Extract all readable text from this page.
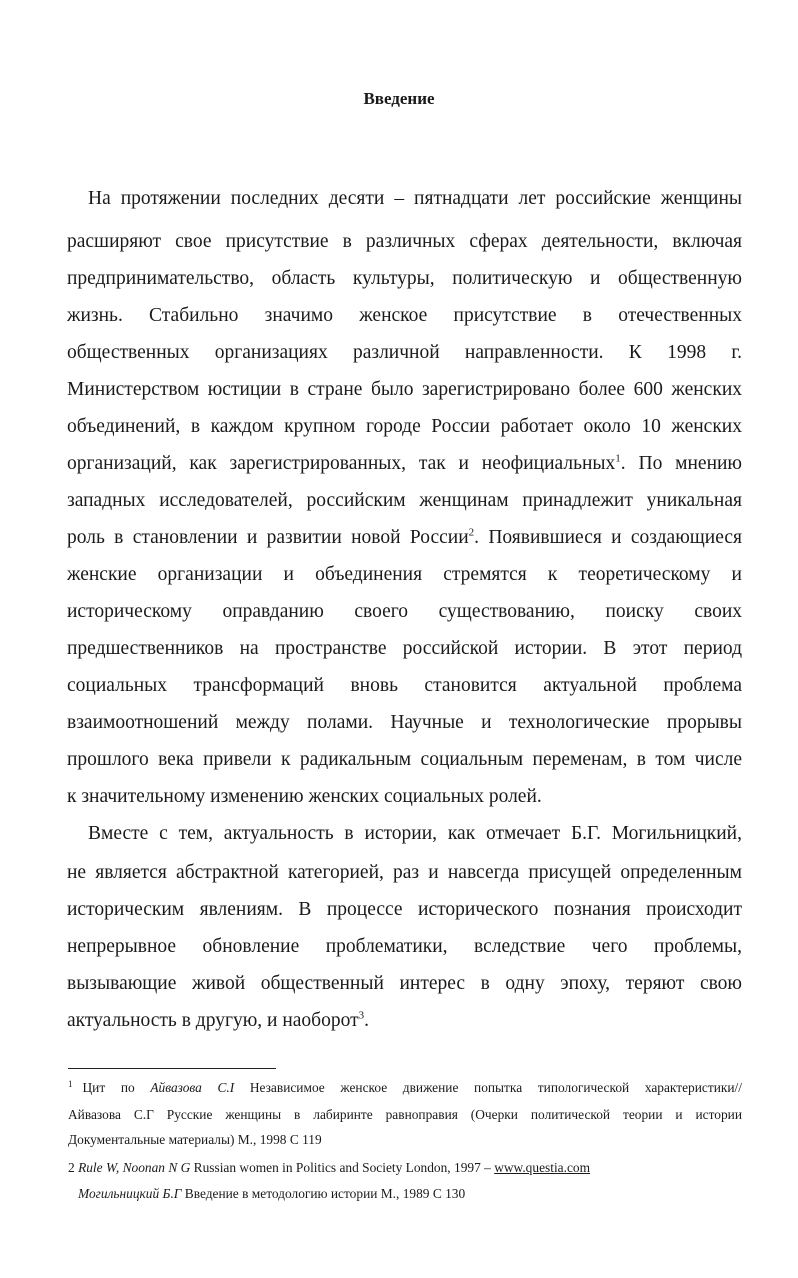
Введение
На протяжении последних десяти – пятнадцати лет российские женщины
расширяют свое присутствие в различных сферах деятельности, включая
предпринимательство, область культуры, политическую и общественную
жизнь. Стабильно значимо женское присутствие в отечественных
общественных организациях различной направленности. К 1998 г.
Министерством юстиции в стране было зарегистрировано более 600 женских
объединений, в каждом крупном городе России работает около 10 женских
организаций, как зарегистрированных, так и неофициальных$^1$. По мнению
западных исследователей, российским женщинам принадлежит уникальная
роль в становлении и развитии новой России$^2$. Появившиеся и создающиеся
женские организации и объединения стремятся к теоретическому и
историческому оправданию своего существованию, поиску своих
предшественников на пространстве российской истории. В этот период
социальных трансформаций вновь становится актуальной проблема
взаимоотношений между полами. Научные и технологические прорывы
прошлого века привели к радикальным социальным переменам, в том числе
к значительному изменению женских социальных ролей.
Вместе с тем, актуальность в истории, как отмечает Б.Г. Могильницкий,
не является абстрактной категорией, раз и навсегда присущей определенным
историческим явлениям. В процессе исторического познания происходит
непрерывное обновление проблематики, вследствие чего проблемы,
вызывающие живой общественный интерес в одну эпоху, теряют свою
актуальность в другую, и наоборот$^3$.
$^1$ Цит по Айвазова С.І Независимое женское движение попытка типологической характеристики//
Айвазова С.Г Русские женщины в лабиринте равноправия (Очерки политической теории и истории
Документальные материалы) М., 1998 С 119
2 Rule W, Noonan N G Russian women in Politics and Society London, 1997 – www.questia.com
Могильницкий Б.Г Введение в методологию истории М., 1989 С 130
